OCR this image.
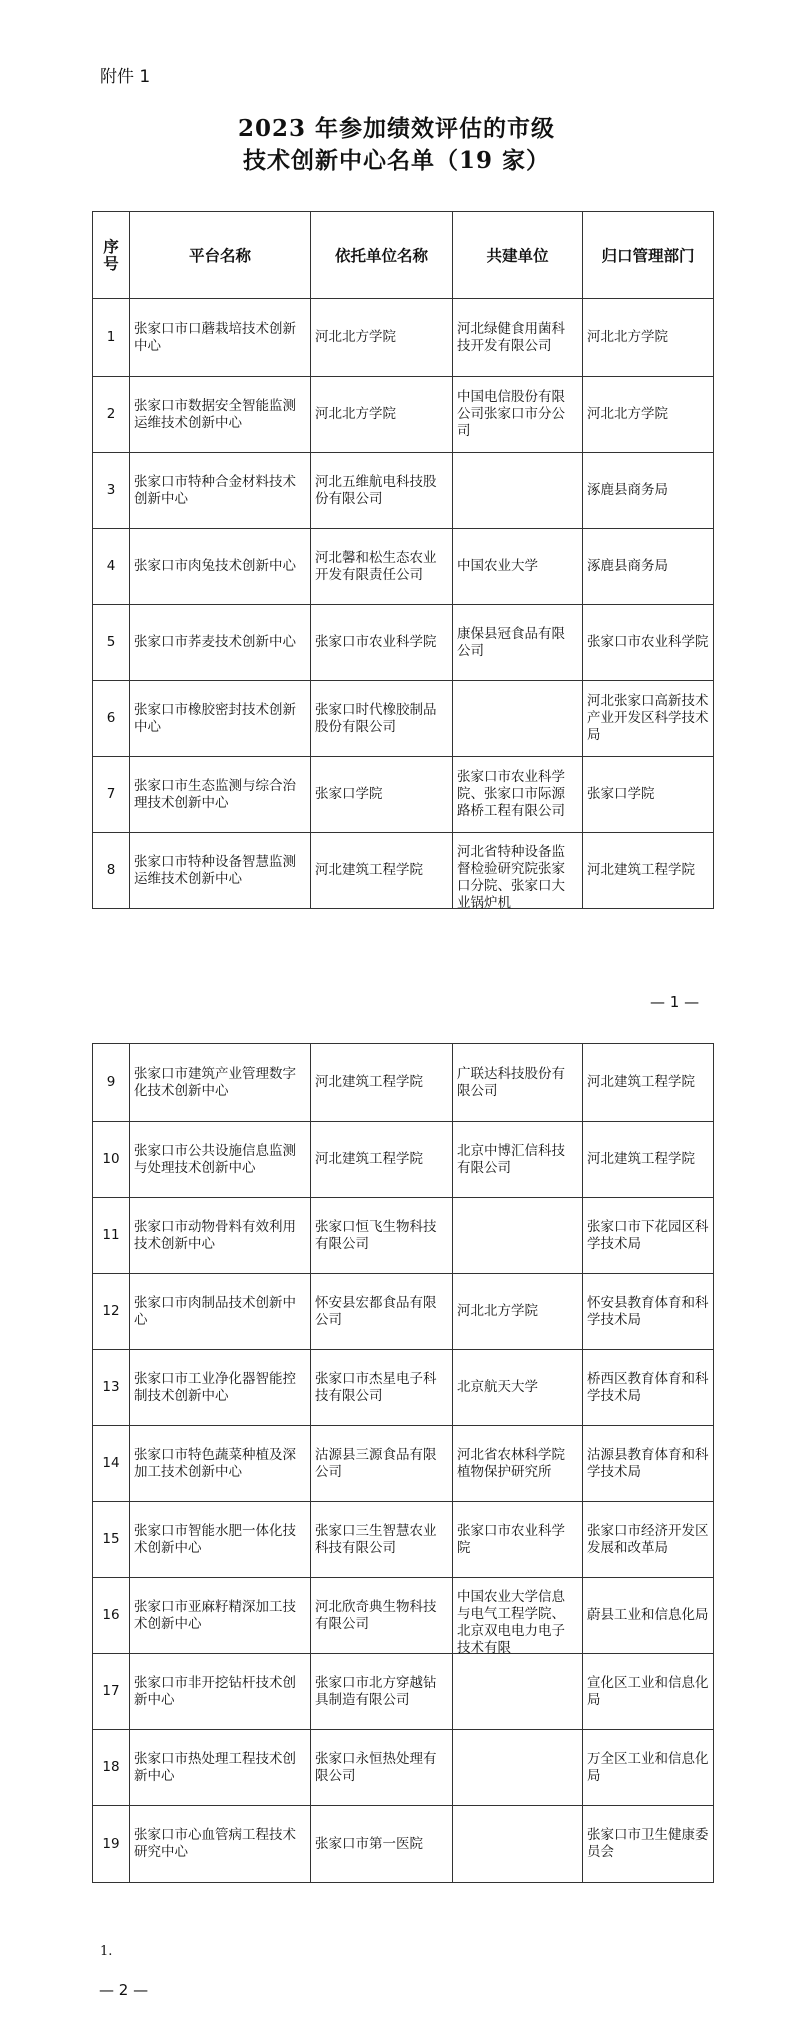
附件 1
2023 年参加绩效评估的市级
技术创新中心名单（19 家）
序号	平台名称	依托单位名称	共建单位	归口管理部门

1	张家口市口蘑栽培技术创新中心	河北北方学院	河北绿健食用菌科技开发有限公司	河北北方学院

2	张家口市数据安全智能监测运维技术创新中心	河北北方学院	中国电信股份有限公司张家口市分公司	河北北方学院

3	张家口市特种合金材料技术创新中心	河北五维航电科技股份有限公司		涿鹿县商务局

4	张家口市肉兔技术创新中心	河北馨和松生态农业开发有限责任公司	中国农业大学	涿鹿县商务局

5	张家口市荞麦技术创新中心	张家口市农业科学院	康保县冠食品有限公司	张家口市农业科学院

6	张家口市橡胶密封技术创新中心	张家口时代橡胶制品股份有限公司		河北张家口高新技术产业开发区科学技术局

7	张家口市生态监测与综合治理技术创新中心	张家口学院	张家口市农业科学院、张家口市际源路桥工程有限公司	张家口学院

8	张家口市特种设备智慧监测运维技术创新中心	河北建筑工程学院	河北省特种设备监督检验研究院张家口分院、张家口大业锅炉机	河北建筑工程学院
— 1 —
9	张家口市建筑产业管理数字化技术创新中心	河北建筑工程学院	广联达科技股份有限公司	河北建筑工程学院

10	张家口市公共设施信息监测与处理技术创新中心	河北建筑工程学院	北京中博汇信科技有限公司	河北建筑工程学院

11	张家口市动物骨料有效利用技术创新中心	张家口恒飞生物科技有限公司		张家口市下花园区科学技术局

12	张家口市肉制品技术创新中心	怀安县宏都食品有限公司	河北北方学院	怀安县教育体育和科学技术局

13	张家口市工业净化器智能控制技术创新中心	张家口市杰星电子科技有限公司	北京航天大学	桥西区教育体育和科学技术局

14	张家口市特色蔬菜种植及深加工技术创新中心	沽源县三源食品有限公司	河北省农林科学院植物保护研究所	沽源县教育体育和科学技术局

15	张家口市智能水肥一体化技术创新中心	张家口三生智慧农业科技有限公司	张家口市农业科学院	张家口市经济开发区发展和改革局

16	张家口市亚麻籽精深加工技术创新中心	河北欣奇典生物科技有限公司	中国农业大学信息与电气工程学院、北京双电电力电子技术有限	蔚县工业和信息化局

17	张家口市非开挖钻杆技术创新中心	张家口市北方穿越钻具制造有限公司		宣化区工业和信息化局

18	张家口市热处理工程技术创新中心	张家口永恒热处理有限公司		万全区工业和信息化局

19	张家口市心血管病工程技术研究中心	张家口市第一医院		张家口市卫生健康委员会
1.
— 2 —
